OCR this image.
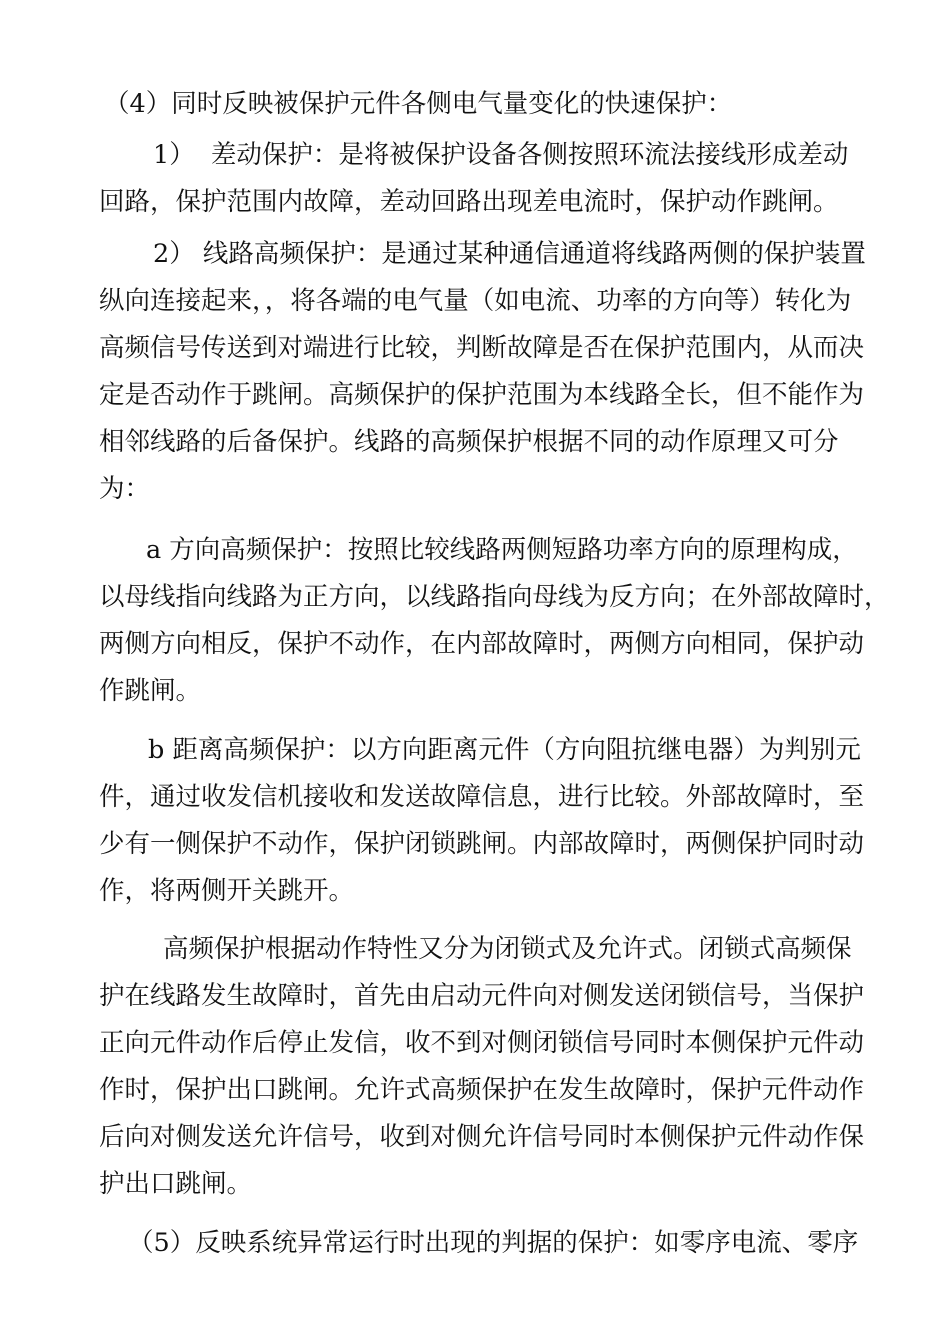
（4）同时反映被保护元件各侧电气量变化的快速保护：
1）  差动保护：是将被保护设备各侧按照环流法接线形成差动
回路，保护范围内故障，差动回路出现差电流时，保护动作跳闸。
2） 线路高频保护：是通过某种通信通道将线路两侧的保护装置
纵向连接起来，，将各端的电气量（如电流、功率的方向等）转化为
高频信号传送到对端进行比较，判断故障是否在保护范围内，从而决
定是否动作于跳闸。高频保护的保护范围为本线路全长，但不能作为
相邻线路的后备保护。线路的高频保护根据不同的动作原理又可分
为：
a 方向高频保护：按照比较线路两侧短路功率方向的原理构成，
以母线指向线路为正方向，以线路指向母线为反方向；在外部故障时，
两侧方向相反，保护不动作，在内部故障时，两侧方向相同，保护动
作跳闸。
b 距离高频保护：以方向距离元件（方向阻抗继电器）为判别元
件，通过收发信机接收和发送故障信息，进行比较。外部故障时，至
少有一侧保护不动作，保护闭锁跳闸。内部故障时，两侧保护同时动
作，将两侧开关跳开。
高频保护根据动作特性又分为闭锁式及允许式。闭锁式高频保
护在线路发生故障时，首先由启动元件向对侧发送闭锁信号，当保护
正向元件动作后停止发信，收不到对侧闭锁信号同时本侧保护元件动
作时，保护出口跳闸。允许式高频保护在发生故障时，保护元件动作
后向对侧发送允许信号，收到对侧允许信号同时本侧保护元件动作保
护出口跳闸。
（5）反映系统异常运行时出现的判据的保护：如零序电流、零序
